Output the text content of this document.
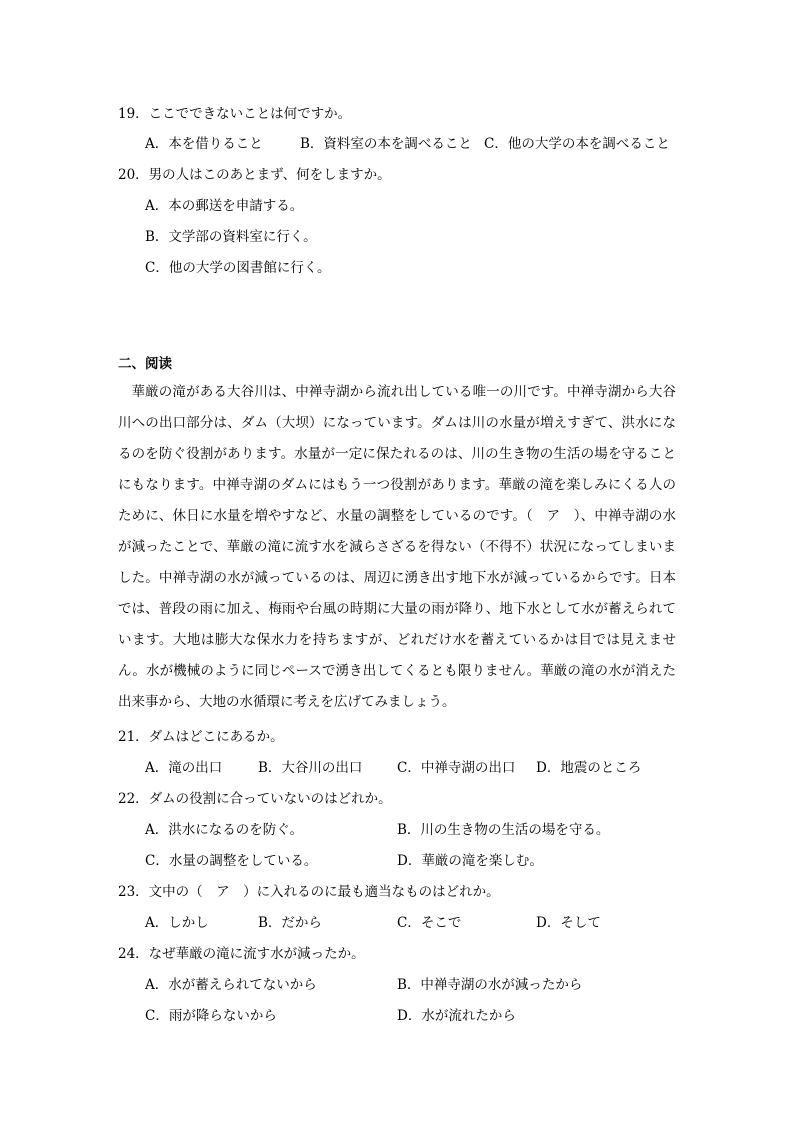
19．ここでできないことは何ですか。
A．本を借りること	B．資料室の本を調べること C．他の大学の本を調べること
20．男の人はこのあとまず、何をしますか。
A．本の郵送を申請する。
B．文学部の資料室に行く。
C．他の大学の図書館に行く。
二、阅读
華厳の滝がある大谷川は、中禅寺湖から流れ出している唯一の川です。中禅寺湖から大谷川への出口部分は、ダム（大坝）になっています。ダムは川の水量が増えすぎて、洪水になるのを防ぐ役割があります。水量が一定に保たれるのは、川の生き物の生活の場を守ることにもなります。中禅寺湖のダムにはもう一つ役割があります。華厳の滝を楽しみにくる人のために、休日に水量を増やすなど、水量の調整をしているのです。（　ア　）、中禅寺湖の水が減ったことで、華厳の滝に流す水を減らさざるを得ない（不得不）状況になってしまいました。中禅寺湖の水が減っているのは、周辺に湧き出す地下水が減っているからです。日本では、普段の雨に加え、梅雨や台風の時期に大量の雨が降り、地下水として水が蓄えられています。大地は膨大な保水力を持ちますが、どれだけ水を蓄えているかは目では見えません。水が機械のように同じペースで湧き出してくるとも限りません。華厳の滝の水が消えた出来事から、大地の水循環に考えを広げてみましょう。
21．ダムはどこにあるか。
A．滝の出口	B．大谷川の出口	C．中禅寺湖の出口 D．地震のところ
22．ダムの役割に合っていないのはどれか。
A．洪水になるのを防ぐ。	B．川の生き物の生活の場を守る。
C．水量の調整をしている。	D．華厳の滝を楽しむ。
23．文中の（　ア　）に入れるのに最も適当なものはどれか。
A．しかし	B．だから	C．そこで	D．そして
24．なぜ華厳の滝に流す水が減ったか。
A．水が蓄えられてないから	B．中禅寺湖の水が減ったから
C．雨が降らないから	D．水が流れたから
